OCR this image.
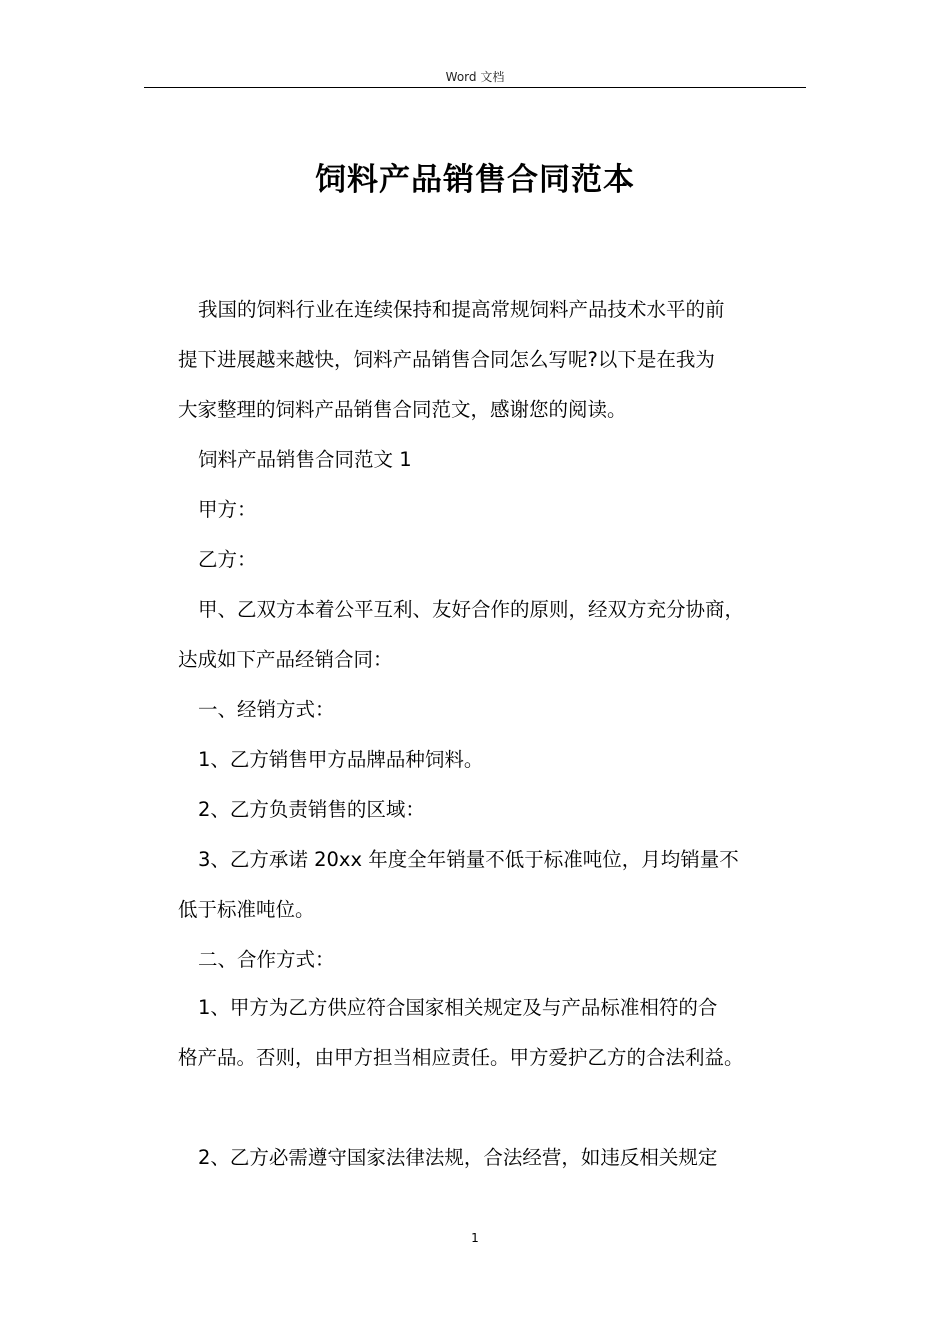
Word 文档
饲料产品销售合同范本
我国的饲料行业在连续保持和提高常规饲料产品技术水平的前
提下进展越来越快，饲料产品销售合同怎么写呢?以下是在我为
大家整理的饲料产品销售合同范文，感谢您的阅读。
饲料产品销售合同范文 1
甲方：
乙方：
甲、乙双方本着公平互利、友好合作的原则，经双方充分协商，
达成如下产品经销合同：
一、经销方式：
1、乙方销售甲方品牌品种饲料。
2、乙方负责销售的区域：
3、乙方承诺 20xx 年度全年销量不低于标准吨位，月均销量不
低于标准吨位。
二、合作方式：
1、甲方为乙方供应符合国家相关规定及与产品标准相符的合
格产品。否则，由甲方担当相应责任。甲方爱护乙方的合法利益。
2、乙方必需遵守国家法律法规，合法经营，如违反相关规定
1
